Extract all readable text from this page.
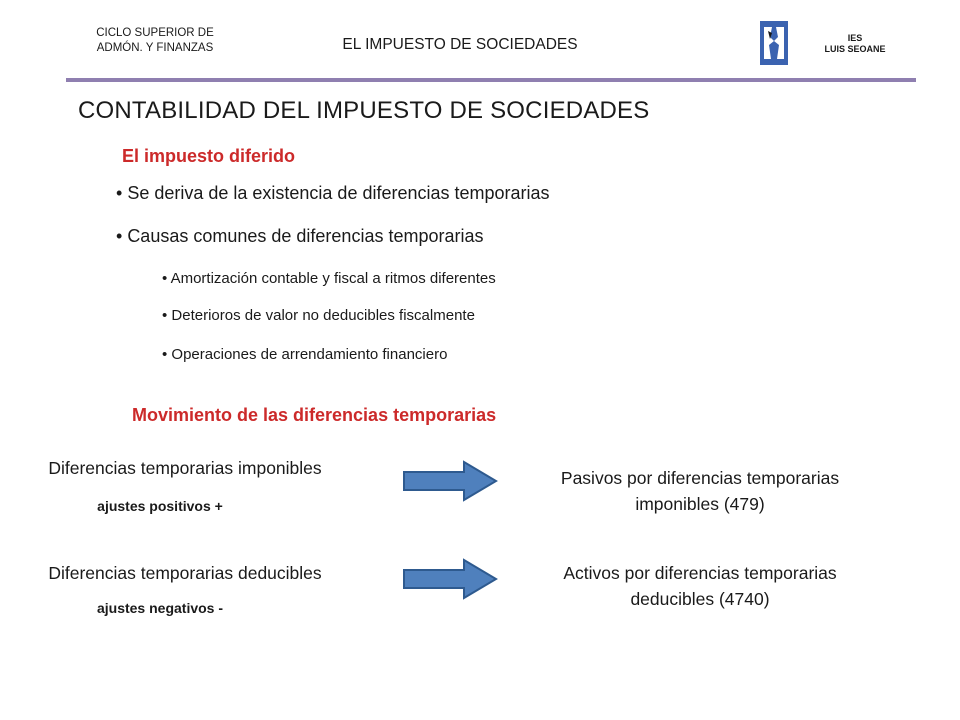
CICLO SUPERIOR DE
ADMÓN. Y FINANZAS	EL IMPUESTO DE SOCIEDADES	IES
LUIS SEOANE
CONTABILIDAD DEL IMPUESTO DE SOCIEDADES
El impuesto diferido
• Se deriva de la existencia de diferencias temporarias
• Causas comunes de diferencias temporarias
• Amortización contable y fiscal a ritmos diferentes
• Deterioros de valor no deducibles fiscalmente
• Operaciones de arrendamiento financiero
Movimiento de las diferencias temporarias
Diferencias temporarias imponibles
ajustes positivos +
Pasivos por diferencias temporarias
imponibles (479)
Diferencias temporarias deducibles
ajustes negativos -
Activos por diferencias temporarias
deducibles (4740)
